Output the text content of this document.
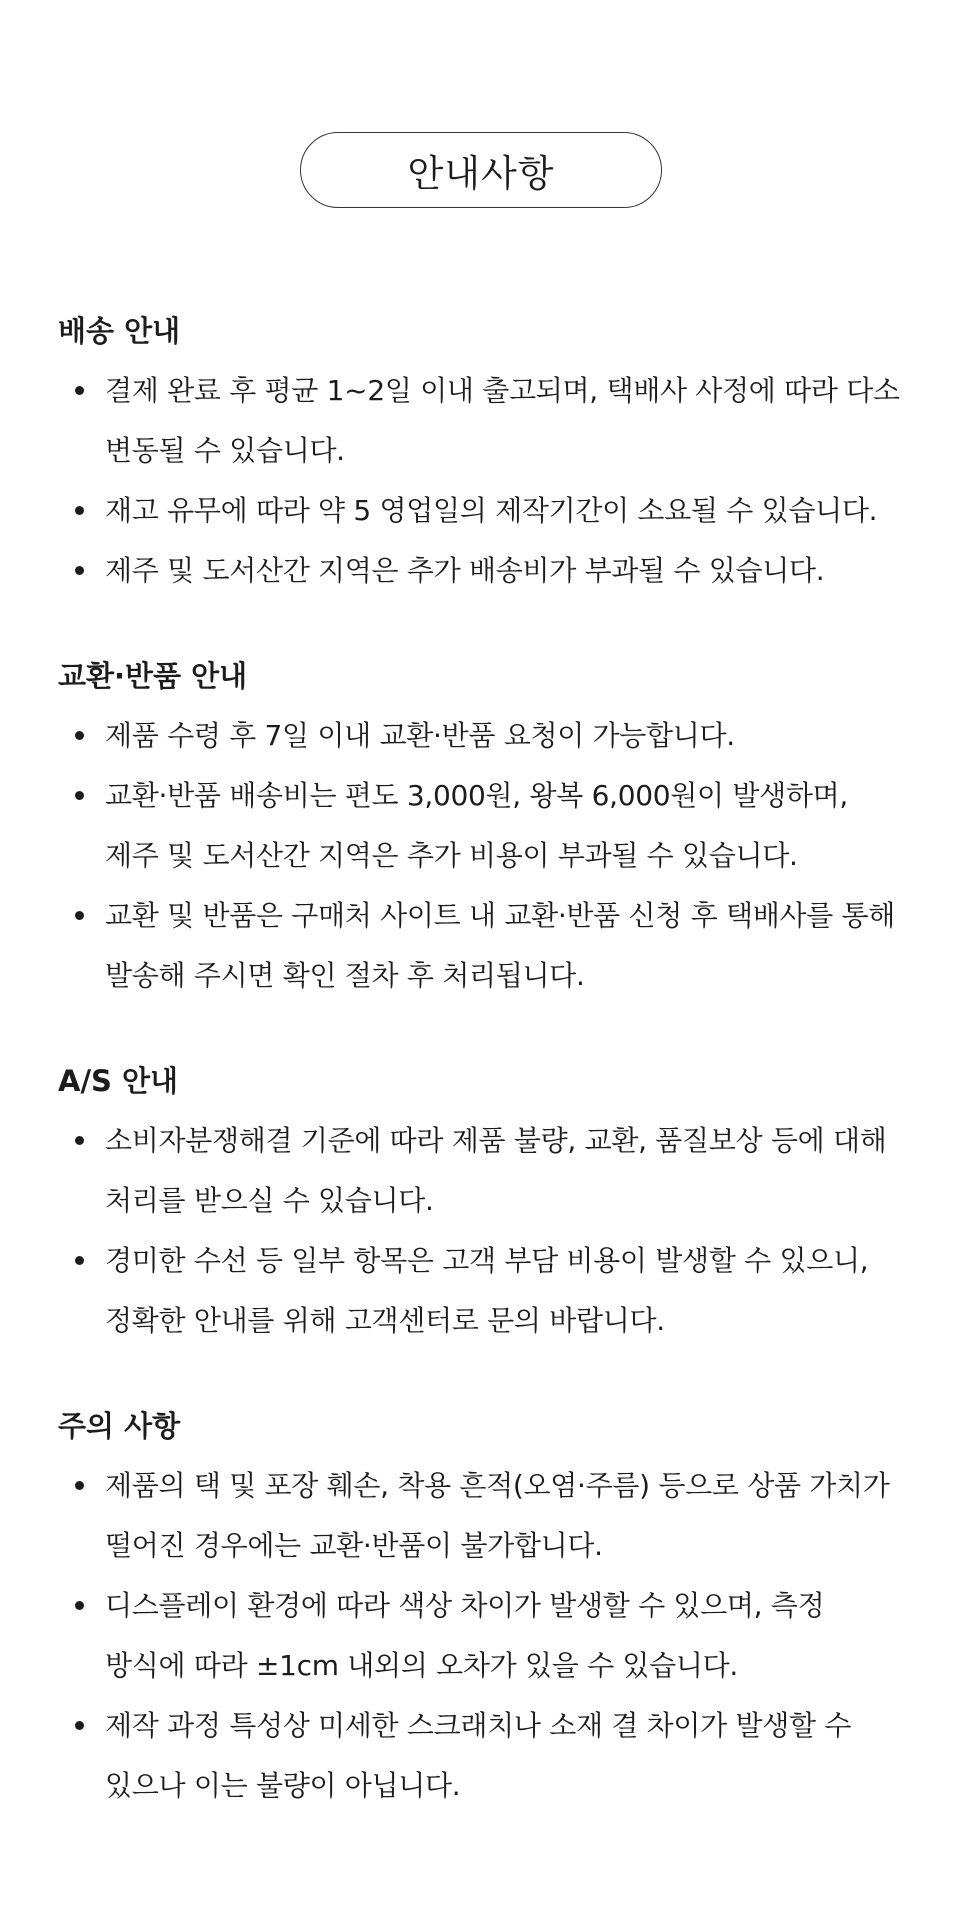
안내사항
배송 안내
결제 완료 후 평균 1~2일 이내 출고되며, 택배사 사정에 따라 다소 변동될 수 있습니다.
재고 유무에 따라 약 5 영업일의 제작기간이 소요될 수 있습니다.
제주 및 도서산간 지역은 추가 배송비가 부과될 수 있습니다.
교환·반품 안내
제품 수령 후 7일 이내 교환·반품 요청이 가능합니다.
교환·반품 배송비는 편도 3,000원, 왕복 6,000원이 발생하며, 제주 및 도서산간 지역은 추가 비용이 부과될 수 있습니다.
교환 및 반품은 구매처 사이트 내 교환·반품 신청 후 택배사를 통해 발송해 주시면 확인 절차 후 처리됩니다.
A/S 안내
소비자분쟁해결 기준에 따라 제품 불량, 교환, 품질보상 등에 대해 처리를 받으실 수 있습니다.
경미한 수선 등 일부 항목은 고객 부담 비용이 발생할 수 있으니, 정확한 안내를 위해 고객센터로 문의 바랍니다.
주의 사항
제품의 택 및 포장 훼손, 착용 흔적(오염·주름) 등으로 상품 가치가 떨어진 경우에는 교환·반품이 불가합니다.
디스플레이 환경에 따라 색상 차이가 발생할 수 있으며, 측정 방식에 따라 ±1cm 내외의 오차가 있을 수 있습니다.
제작 과정 특성상 미세한 스크래치나 소재 결 차이가 발생할 수 있으나 이는 불량이 아닙니다.
